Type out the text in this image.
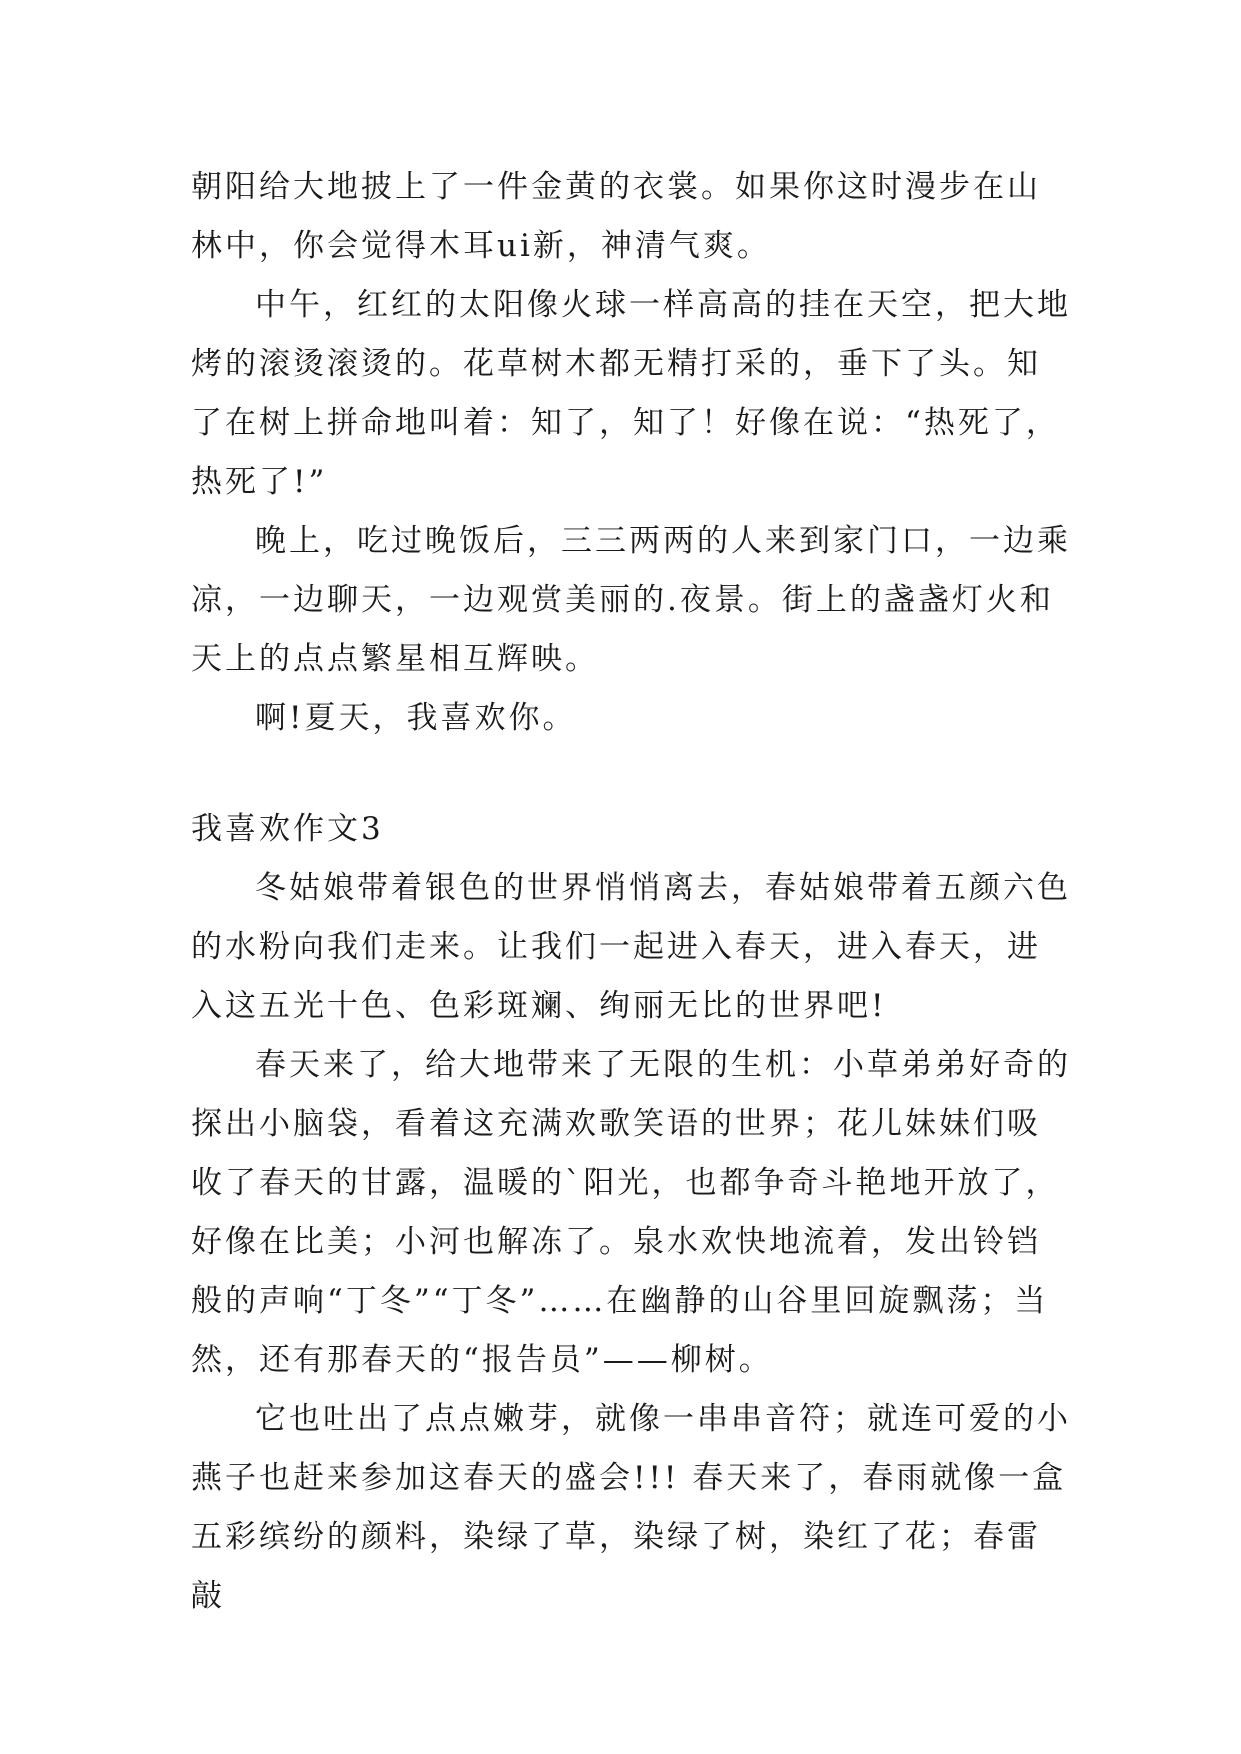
朝阳给大地披上了一件金黄的衣裳。如果你这时漫步在山林中，你会觉得木耳ui新，神清气爽。

中午，红红的太阳像火球一样高高的挂在天空，把大地烤的滚烫滚烫的。花草树木都无精打采的，垂下了头。知了在树上拼命地叫着：知了，知了！好像在说：“热死了，热死了!”

晚上，吃过晚饭后，三三两两的人来到家门口，一边乘凉，一边聊天，一边观赏美丽的.夜景。街上的盏盏灯火和天上的点点繁星相互辉映。

啊!夏天，我喜欢你。

我喜欢作文3

冬姑娘带着银色的世界悄悄离去，春姑娘带着五颜六色的水粉向我们走来。让我们一起进入春天，进入春天，进入这五光十色、色彩斑斓、绚丽无比的世界吧!

春天来了，给大地带来了无限的生机：小草弟弟好奇的探出小脑袋，看着这充满欢歌笑语的世界；花儿妹妹们吸收了春天的甘露，温暖的`阳光，也都争奇斗艳地开放了，好像在比美；小河也解冻了。泉水欢快地流着，发出铃铛般的声响“丁冬”“丁冬”……在幽静的山谷里回旋飘荡；当然，还有那春天的“报告员”——柳树。

它也吐出了点点嫩芽，就像一串串音符；就连可爱的小燕子也赶来参加这春天的盛会!!! 春天来了，春雨就像一盒五彩缤纷的颜料，染绿了草，染绿了树，染红了花；春雷敲
